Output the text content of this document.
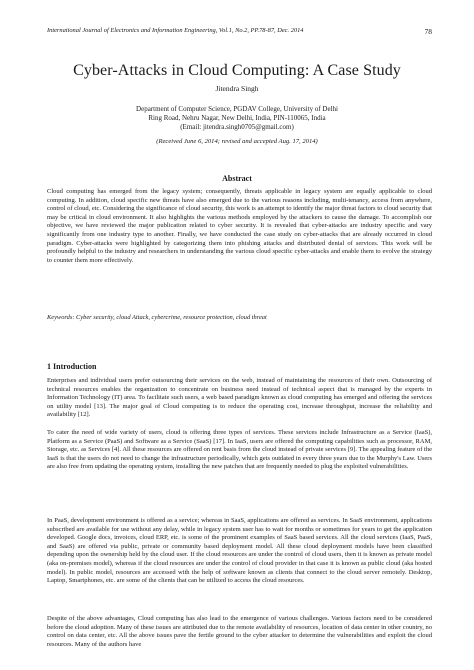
International Journal of Electronics and Information Engineering, Vol.1, No.2, PP.78-87, Dec. 2014	78
Cyber-Attacks in Cloud Computing: A Case Study
Jitendra Singh
Department of Computer Science, PGDAV College, University of Delhi
Ring Road, Nehru Nagar, New Delhi, India, PIN-110065, India
(Email: jitendra.singh0705@gmail.com)
(Received June 6, 2014; revised and accepted Aug. 17, 2014)
Abstract

Cloud computing has emerged from the legacy system; consequently, threats applicable in legacy system are equally applicable to cloud computing. In addition, cloud specific new threats have also emerged due to the various reasons including, multi-tenancy, access from anywhere, control of cloud, etc. Considering the significance of cloud security, this work is an attempt to identify the major threat factors to cloud security that may be critical in cloud environment. It also highlights the various methods employed by the attackers to cause the damage. To accomplish our objective, we have reviewed the major publication related to cyber security. It is revealed that cyber-attacks are industry specific and vary significantly from one industry type to another. Finally, we have conducted the case study on cyber-attacks that are already occurred in cloud paradigm. Cyber-attacks were highlighted by categorizing them into phishing attacks and distributed denial of services. This work will be profoundly helpful to the industry and researchers in understanding the various cloud specific cyber-attacks and enable them to evolve the strategy to counter them more effectively.

Keywords: Cyber security, cloud Attack, cybercrime, resource protection, cloud threat

1 Introduction

Enterprises and individual users prefer outsourcing their services on the web, instead of maintaining the resources of their own. Outsourcing of technical resources enables the organization to concentrate on business need instead of technical aspect that is managed by the experts in Information Technology (IT) area. To facilitate such users, a web based paradigm known as cloud computing has emerged and offering the services on utility model [13]. The major goal of Cloud computing is to reduce the operating cost, increase throughput, increase the reliability and availability [12].

To cater the need of wide variety of users, cloud is offering three types of services. These services include Infrastructure as a Service (IaaS), Platform as a Service (PaaS) and Software as a Service (SaaS) [17]. In IaaS, users are offered the computing capabilities such as processor, RAM, Storage, etc. as Services [4]. All these resources are offered on rent basis from the cloud instead of private services [9]. The appealing feature of the IaaS is that the users do not need to change the infrastructure periodically, which gets outdated in every three years due to the Murphy's Law. Users are also free from updating the operating system, installing the new patches that are frequently needed to plug the exploited vulnerabilities.

In PaaS, development environment is offered as a service; whereas in SaaS, applications are offered as services. In SaaS environment, applications subscribed are available for use without any delay, while in legacy system user has to wait for months or sometimes for years to get the application developed. Google docs, invoices, cloud ERP, etc. is some of the prominent examples of SaaS based services. All the cloud services (IaaS, PaaS, and SaaS) are offered via public, private or community based deployment model. All these cloud deployment models have been classified depending upon the ownership held by the cloud user. If the cloud resources are under the control of cloud users, then it is known as private model (aka on-premises model), whereas if the cloud resources are under the control of cloud provider in that case it is known as public cloud (aka hosted model). In public model, resources are accessed with the help of software known as clients that connect to the cloud server remotely. Desktop, Laptop, Smartphones, etc. are some of the clients that can be utilized to access the cloud resources.

Despite of the above advantages, Cloud computing has also lead to the emergence of various challenges. Various factors need to be considered before the cloud adoption. Many of these issues are attributed due to the remote availability of resources, location of data center in other country, no control on data center, etc. All the above issues pave the fertile ground to the cyber attacker to determine the vulnerabilities and exploit the cloud resources. Many of the authors have
